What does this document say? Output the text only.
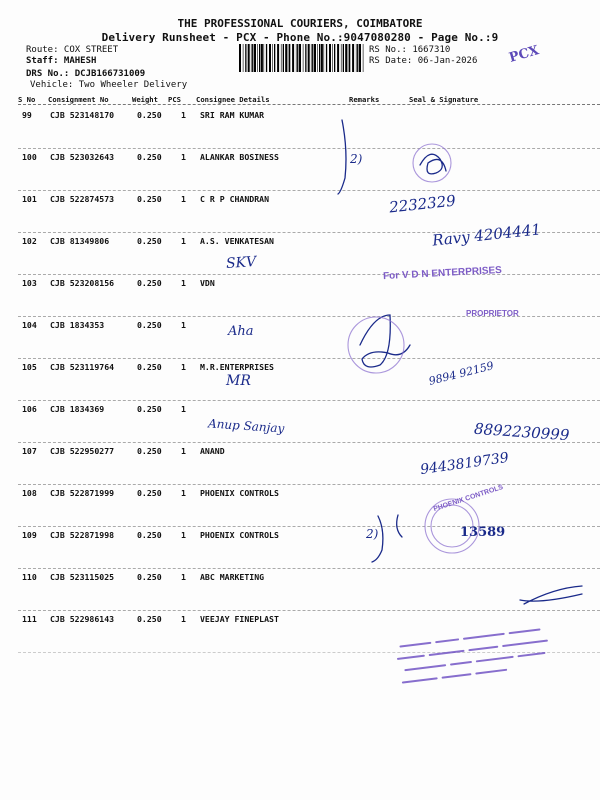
THE PROFESSIONAL COURIERS, COIMBATORE
Delivery Runsheet - PCX - Phone No.:9047080280 - Page No.:9
Route: COX STREET
Staff: MAHESH
DRS No.: DCJB166731009
Vehicle: Two Wheeler Delivery
RS No.: 1667310
RS Date: 06-Jan-2026
S No Consignment No	Weight PCS Consignee Details	Remarks	Seal & Signature
99 CJB 523148170	0.250 1 SRI RAM KUMAR
100 CJB 523032643	0.250 1 ALANKAR BOSINESS
101 CJB 522874573	0.250 1 C R P CHANDRAN
102 CJB 81349806	0.250 1 A.S. VENKATESAN
103 CJB 523208156	0.250 1 VDN
104 CJB 1834353	0.250 1
105 CJB 523119764	0.250 1 M.R.ENTERPRISES
106 CJB 1834369	0.250 1
107 CJB 522950277	0.250 1 ANAND
108 CJB 522871999	0.250 1 PHOENIX CONTROLS
109 CJB 522871998	0.250 1 PHOENIX CONTROLS
110 CJB 523115025	0.250 1 ABC MARKETING
111 CJB 522986143	0.250 1 VEEJAY FINEPLAST
PCX
2)
2232329
Ravy 4204441
SKV
Aha
MR	9894 92159
Anup Sanjay	8892230999
9443819739
2)	13589
For V D N ENTERPRISES
PROPRIETOR
PHOENIX CONTROLS
